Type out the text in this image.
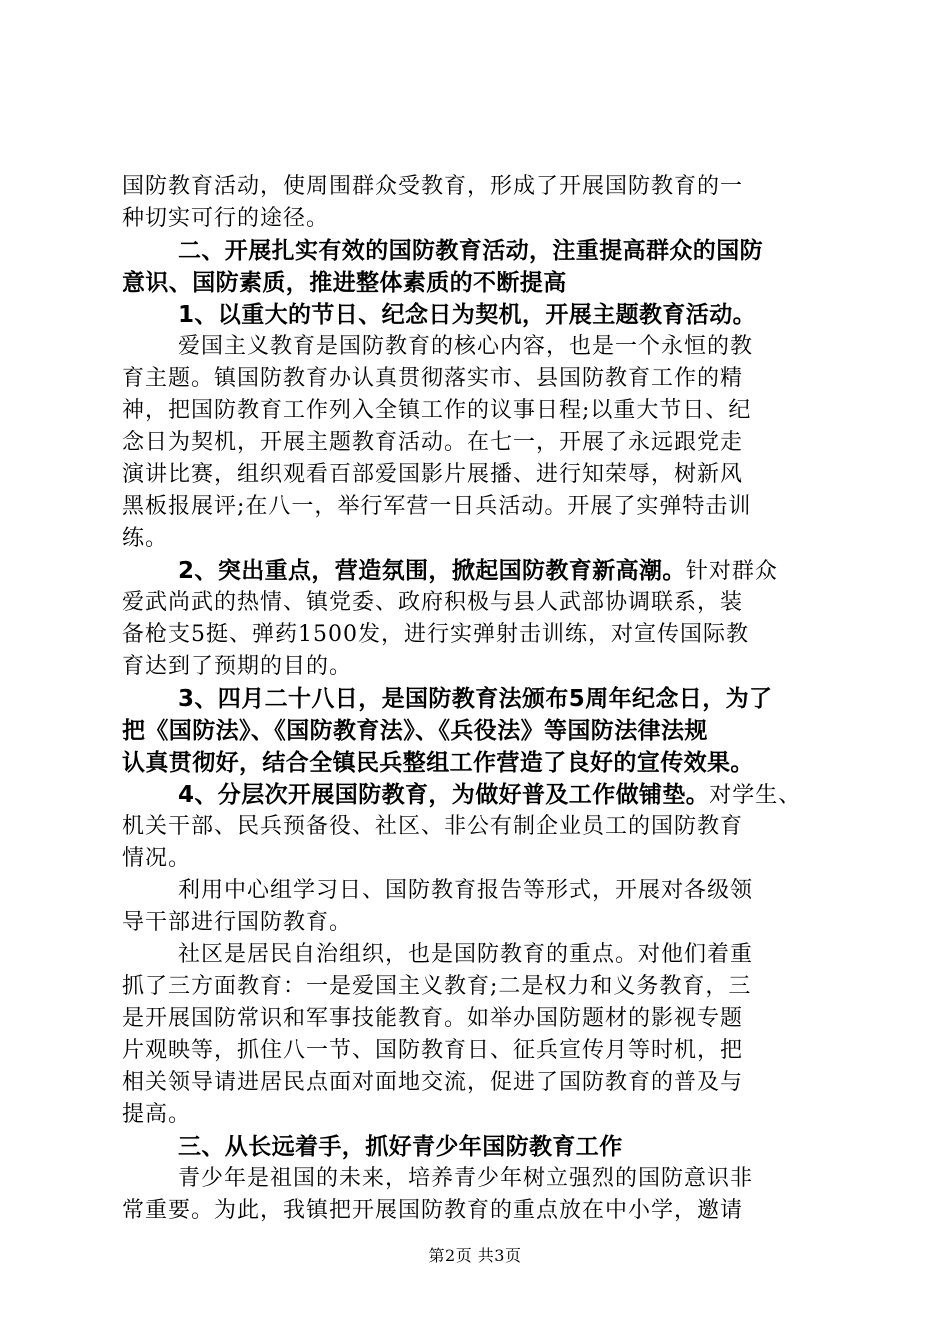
国防教育活动，使周围群众受教育，形成了开展国防教育的一
种切实可行的途径。

二、开展扎实有效的国防教育活动，注重提高群众的国防
意识、国防素质，推进整体素质的不断提高

1、以重大的节日、纪念日为契机，开展主题教育活动。

爱国主义教育是国防教育的核心内容，也是一个永恒的教
育主题。镇国防教育办认真贯彻落实市、县国防教育工作的精
神，把国防教育工作列入全镇工作的议事日程;以重大节日、纪
念日为契机，开展主题教育活动。在七一，开展了永远跟党走
演讲比赛，组织观看百部爱国影片展播、进行知荣辱，树新风
黑板报展评;在八一，举行军营一日兵活动。开展了实弹特击训
练。

2、突出重点，营造氛围，掀起国防教育新高潮。针对群众
爱武尚武的热情、镇党委、政府积极与县人武部协调联系，装
备枪支5挺、弹药1500发，进行实弹射击训练，对宣传国际教
育达到了预期的目的。

3、四月二十八日，是国防教育法颁布5周年纪念日，为了
把《国防法》、《国防教育法》、《兵役法》等国防法律法规
认真贯彻好，结合全镇民兵整组工作营造了良好的宣传效果。

4、分层次开展国防教育，为做好普及工作做铺垫。对学生、
机关干部、民兵预备役、社区、非公有制企业员工的国防教育
情况。

利用中心组学习日、国防教育报告等形式，开展对各级领
导干部进行国防教育。

社区是居民自治组织，也是国防教育的重点。对他们着重
抓了三方面教育：一是爱国主义教育;二是权力和义务教育，三
是开展国防常识和军事技能教育。如举办国防题材的影视专题
片观映等，抓住八一节、国防教育日、征兵宣传月等时机，把
相关领导请进居民点面对面地交流，促进了国防教育的普及与
提高。

三、从长远着手，抓好青少年国防教育工作

青少年是祖国的未来，培养青少年树立强烈的国防意识非
常重要。为此，我镇把开展国防教育的重点放在中小学，邀请

第2页 共3页
